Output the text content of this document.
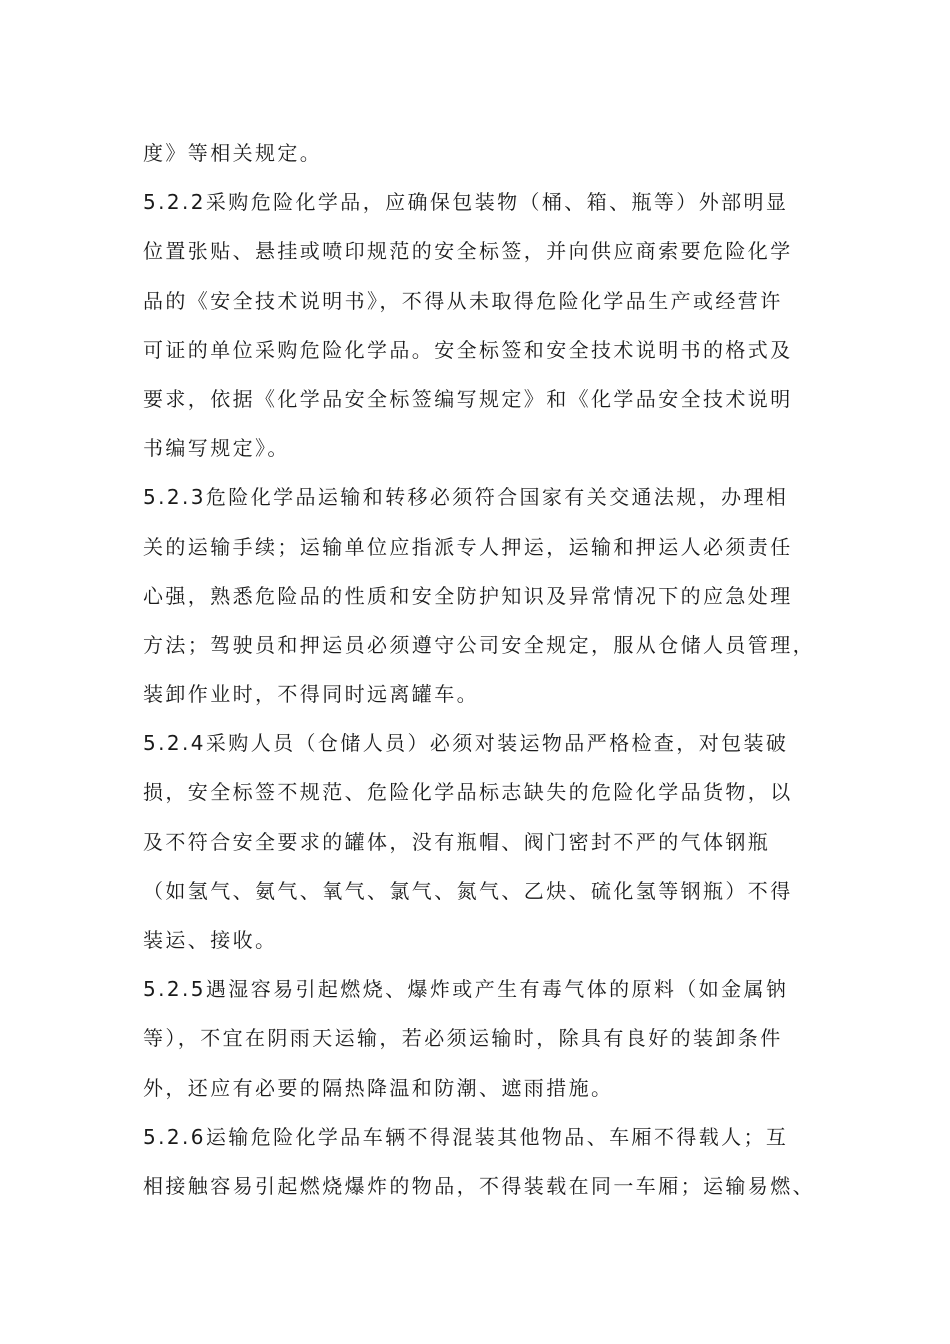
度》等相关规定。
5.2.2采购危险化学品，应确保包装物（桶、箱、瓶等）外部明显
位置张贴、悬挂或喷印规范的安全标签，并向供应商索要危险化学
品的《安全技术说明书》，不得从未取得危险化学品生产或经营许
可证的单位采购危险化学品。安全标签和安全技术说明书的格式及
要求，依据《化学品安全标签编写规定》和《化学品安全技术说明
书编写规定》。
5.2.3危险化学品运输和转移必须符合国家有关交通法规，办理相
关的运输手续；运输单位应指派专人押运，运输和押运人必须责任
心强，熟悉危险品的性质和安全防护知识及异常情况下的应急处理
方法；驾驶员和押运员必须遵守公司安全规定，服从仓储人员管理，
装卸作业时，不得同时远离罐车。
5.2.4采购人员（仓储人员）必须对装运物品严格检查，对包装破
损，安全标签不规范、危险化学品标志缺失的危险化学品货物，以
及不符合安全要求的罐体，没有瓶帽、阀门密封不严的气体钢瓶
（如氢气、氨气、氧气、氯气、氮气、乙炔、硫化氢等钢瓶）不得
装运、接收。
5.2.5遇湿容易引起燃烧、爆炸或产生有毒气体的原料（如金属钠
等），不宜在阴雨天运输，若必须运输时，除具有良好的装卸条件
外，还应有必要的隔热降温和防潮、遮雨措施。
5.2.6运输危险化学品车辆不得混装其他物品、车厢不得载人；互
相接触容易引起燃烧爆炸的物品，不得装载在同一车厢；运输易燃、
